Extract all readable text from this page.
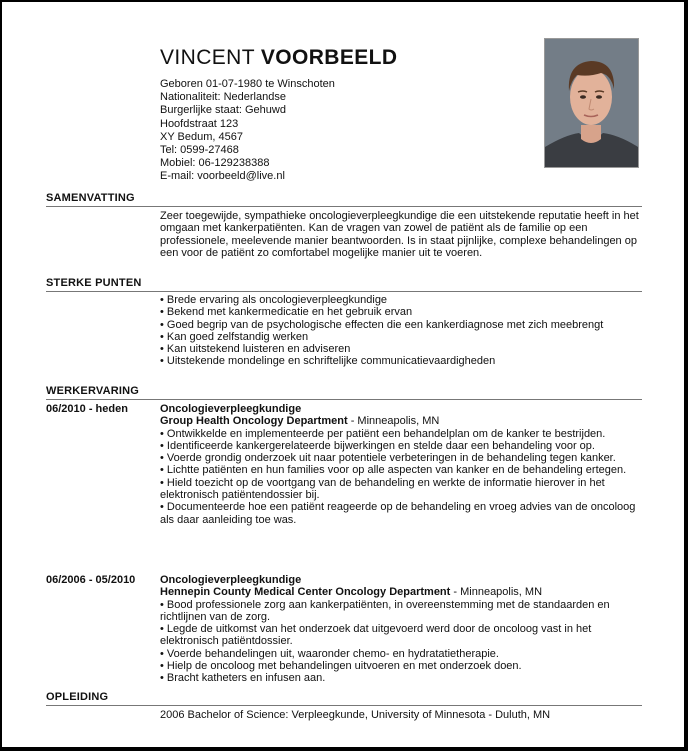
VINCENT VOORBEELD
Geboren 01-07-1980 te Winschoten
Nationaliteit: Nederlandse
Burgerlijke staat: Gehuwd
Hoofdstraat 123
XY Bedum, 4567
Tel: 0599-27468
Mobiel: 06-129238388
E-mail: voorbeeld@live.nl
SAMENVATTING

Zeer toegewijde, sympathieke oncologieverpleegkundige die een uitstekende reputatie heeft in het omgaan met kankerpatiënten. Kan de vragen van zowel de patiënt als de familie op een professionele, meelevende manier beantwoorden. Is in staat pijnlijke, complexe behandelingen op een voor de patiënt zo comfortabel mogelijke manier uit te voeren.

STERKE PUNTEN
• Brede ervaring als oncologieverpleegkundige
• Bekend met kankermedicatie en het gebruik ervan
• Goed begrip van de psychologische effecten die een kankerdiagnose met zich meebrengt
• Kan goed zelfstandig werken
• Kan uitstekend luisteren en adviseren
• Uitstekende mondelinge en schriftelijke communicatievaardigheden
WERKERVARING
06/2010 - heden	Oncologieverpleegkundige
Group Health Oncology Department - Minneapolis, MN
• Ontwikkelde en implementeerde per patiënt een behandelplan om de kanker te bestrijden.
• Identificeerde kankergerelateerde bijwerkingen en stelde daar een behandeling voor op.
• Voerde grondig onderzoek uit naar potentiele verbeteringen in de behandeling tegen kanker.
• Lichtte patiënten en hun families voor op alle aspecten van kanker en de behandeling ertegen.
• Hield toezicht op de voortgang van de behandeling en werkte de informatie hierover in het elektronisch patiëntendossier bij.
• Documenteerde hoe een patiënt reageerde op de behandeling en vroeg advies van de oncoloog als daar aanleiding toe was.
06/2006 - 05/2010 Oncologieverpleegkundige
Hennepin County Medical Center Oncology Department - Minneapolis, MN
• Bood professionele zorg aan kankerpatiënten, in overeenstemming met de standaarden en richtlijnen van de zorg.
• Legde de uitkomst van het onderzoek dat uitgevoerd werd door de oncoloog vast in het elektronisch patiëntdossier.
• Voerde behandelingen uit, waaronder chemo- en hydratatietherapie.
• Hielp de oncoloog met behandelingen uitvoeren en met onderzoek doen.
• Bracht katheters en infusen aan.
OPLEIDING

2006 Bachelor of Science: Verpleegkunde, University of Minnesota - Duluth, MN
